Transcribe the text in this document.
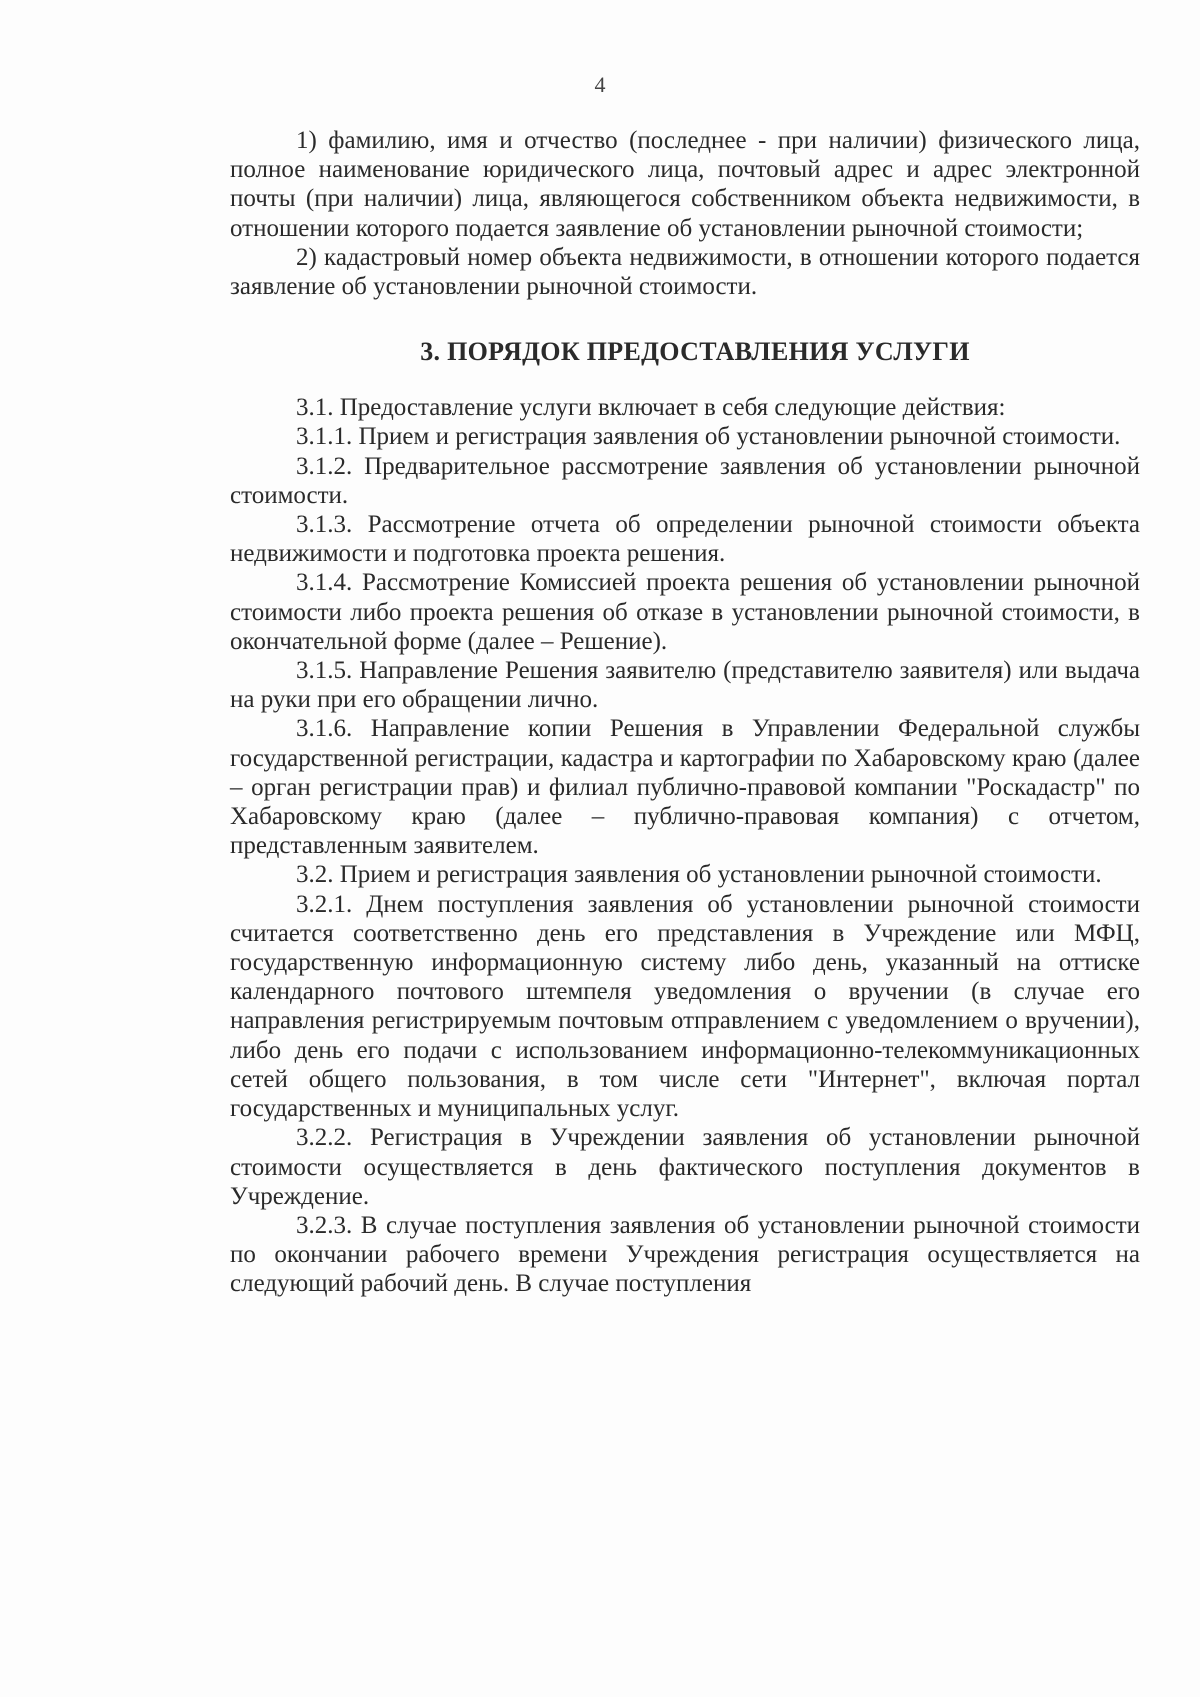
4

1) фамилию, имя и отчество (последнее - при наличии) физического лица, полное наименование юридического лица, почтовый адрес и адрес электронной почты (при наличии) лица, являющегося собственником объекта недвижимости, в отношении которого подается заявление об установлении рыночной стоимости;

2) кадастровый номер объекта недвижимости, в отношении которого подается заявление об установлении рыночной стоимости.

3. ПОРЯДОК ПРЕДОСТАВЛЕНИЯ УСЛУГИ

3.1. Предоставление услуги включает в себя следующие действия:

3.1.1. Прием и регистрация заявления об установлении рыночной стоимости.

3.1.2. Предварительное рассмотрение заявления об установлении рыночной стоимости.

3.1.3. Рассмотрение отчета об определении рыночной стоимости объекта недвижимости и подготовка проекта решения.

3.1.4. Рассмотрение Комиссией проекта решения об установлении рыночной стоимости либо проекта решения об отказе в установлении рыночной стоимости, в окончательной форме (далее – Решение).

3.1.5. Направление Решения заявителю (представителю заявителя) или выдача на руки при его обращении лично.

3.1.6. Направление копии Решения в Управлении Федеральной службы государственной регистрации, кадастра и картографии по Хабаровскому краю (далее – орган регистрации прав) и филиал публично-правовой компании "Роскадастр" по Хабаровскому краю (далее – публично-правовая компания) с отчетом, представленным заявителем.

3.2. Прием и регистрация заявления об установлении рыночной стоимости.

3.2.1. Днем поступления заявления об установлении рыночной стоимости считается соответственно день его представления в Учреждение или МФЦ, государственную информационную систему либо день, указанный на оттиске календарного почтового штемпеля уведомления о вручении (в случае его направления регистрируемым почтовым отправлением с уведомлением о вручении), либо день его подачи с использованием информационно-телекоммуникационных сетей общего пользования, в том числе сети "Интернет", включая портал государственных и муниципальных услуг.

3.2.2. Регистрация в Учреждении заявления об установлении рыночной стоимости осуществляется в день фактического поступления документов в Учреждение.

3.2.3. В случае поступления заявления об установлении рыночной стоимости по окончании рабочего времени Учреждения регистрация осуществляется на следующий рабочий день. В случае поступления
